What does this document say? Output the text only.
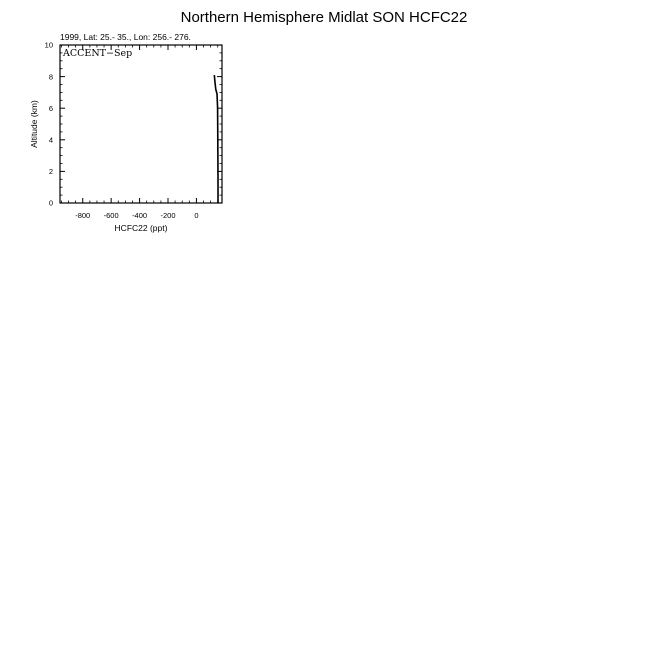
Northern Hemisphere Midlat SON HCFC22
1999, Lat: 25.- 35., Lon: 256.- 276.
-800 -600 -400 -200	0
0
2
4
6
8
10
ACCENT−Sep
HCFC22 (ppt)
Altitude (km)
